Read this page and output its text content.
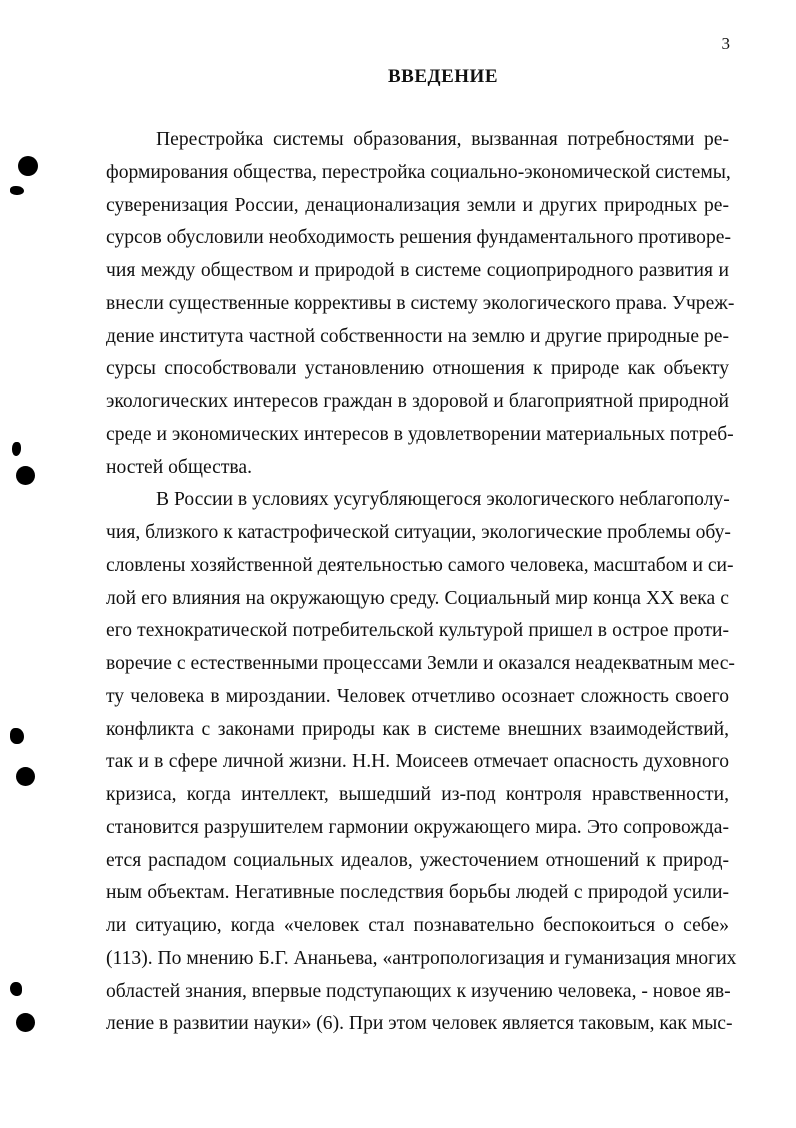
3
ВВЕДЕНИЕ
Перестройка системы образования, вызванная потребностями ре-
формирования общества, перестройка социально-экономической системы,
суверенизация России, денационализация земли и других природных ре-
сурсов обусловили необходимость решения фундаментального противоре-
чия между обществом и природой в системе социоприродного развития и
внесли существенные коррективы в систему экологического права. Учреж-
дение института частной собственности на землю и другие природные ре-
сурсы способствовали установлению отношения к природе как объекту
экологических интересов граждан в здоровой и благоприятной природной
среде и экономических интересов в удовлетворении материальных потреб-
ностей общества.
В России в условиях усугубляющегося экологического неблагополу-
чия, близкого к катастрофической ситуации, экологические проблемы обу-
словлены хозяйственной деятельностью самого человека, масштабом и си-
лой его влияния на окружающую среду. Социальный мир конца XX века с
его технократической потребительской культурой пришел в острое проти-
воречие с естественными процессами Земли и оказался неадекватным мес-
ту человека в мироздании. Человек отчетливо осознает сложность своего
конфликта с законами природы как в системе внешних взаимодействий,
так и в сфере личной жизни. Н.Н. Моисеев отмечает опасность духовного
кризиса, когда интеллект, вышедший из-под контроля нравственности,
становится разрушителем гармонии окружающего мира. Это сопровожда-
ется распадом социальных идеалов, ужесточением отношений к природ-
ным объектам. Негативные последствия борьбы людей с природой усили-
ли ситуацию, когда «человек стал познавательно беспокоиться о себе»
(113). По мнению Б.Г. Ананьева, «антропологизация и гуманизация многих
областей знания, впервые подступающих к изучению человека, - новое яв-
ление в развитии науки» (6). При этом человек является таковым, как мыс-
